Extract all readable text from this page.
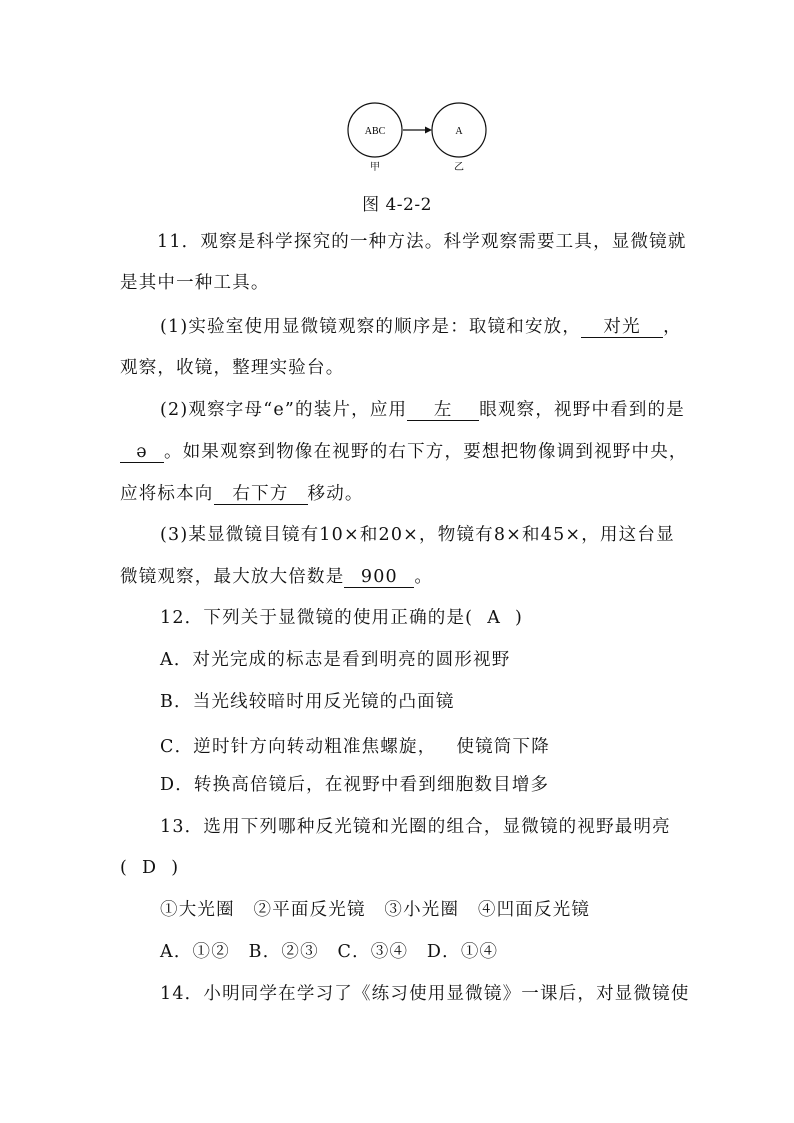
ABC	A
甲	乙
图 4-2-2
11．观察是科学探究的一种方法。科学观察需要工具，显微镜就
是其中一种工具。
(1)实验室使用显微镜观察的顺序是：取镜和安放， 对光 ，
观察，收镜，整理实验台。
(2)观察字母“e”的装片，应用 左 眼观察，视野中看到的是
ə 。如果观察到物像在视野的右下方，要想把物像调到视野中央，
应将标本向 右下方 移动。
(3)某显微镜目镜有10×和20×，物镜有8×和45×，用这台显
微镜观察，最大放大倍数是 900 。
12．下列关于显微镜的使用正确的是( A )
A．对光完成的标志是看到明亮的圆形视野
B．当光线较暗时用反光镜的凸面镜
C．逆时针方向转动粗准焦螺旋， 使镜筒下降
D．转换高倍镜后，在视野中看到细胞数目增多
13．选用下列哪种反光镜和光圈的组合，显微镜的视野最明亮
( D )
①大光圈　②平面反光镜　③小光圈　④凹面反光镜
A．①②　B．②③　C．③④　D．①④
14．小明同学在学习了《练习使用显微镜》一课后，对显微镜使
